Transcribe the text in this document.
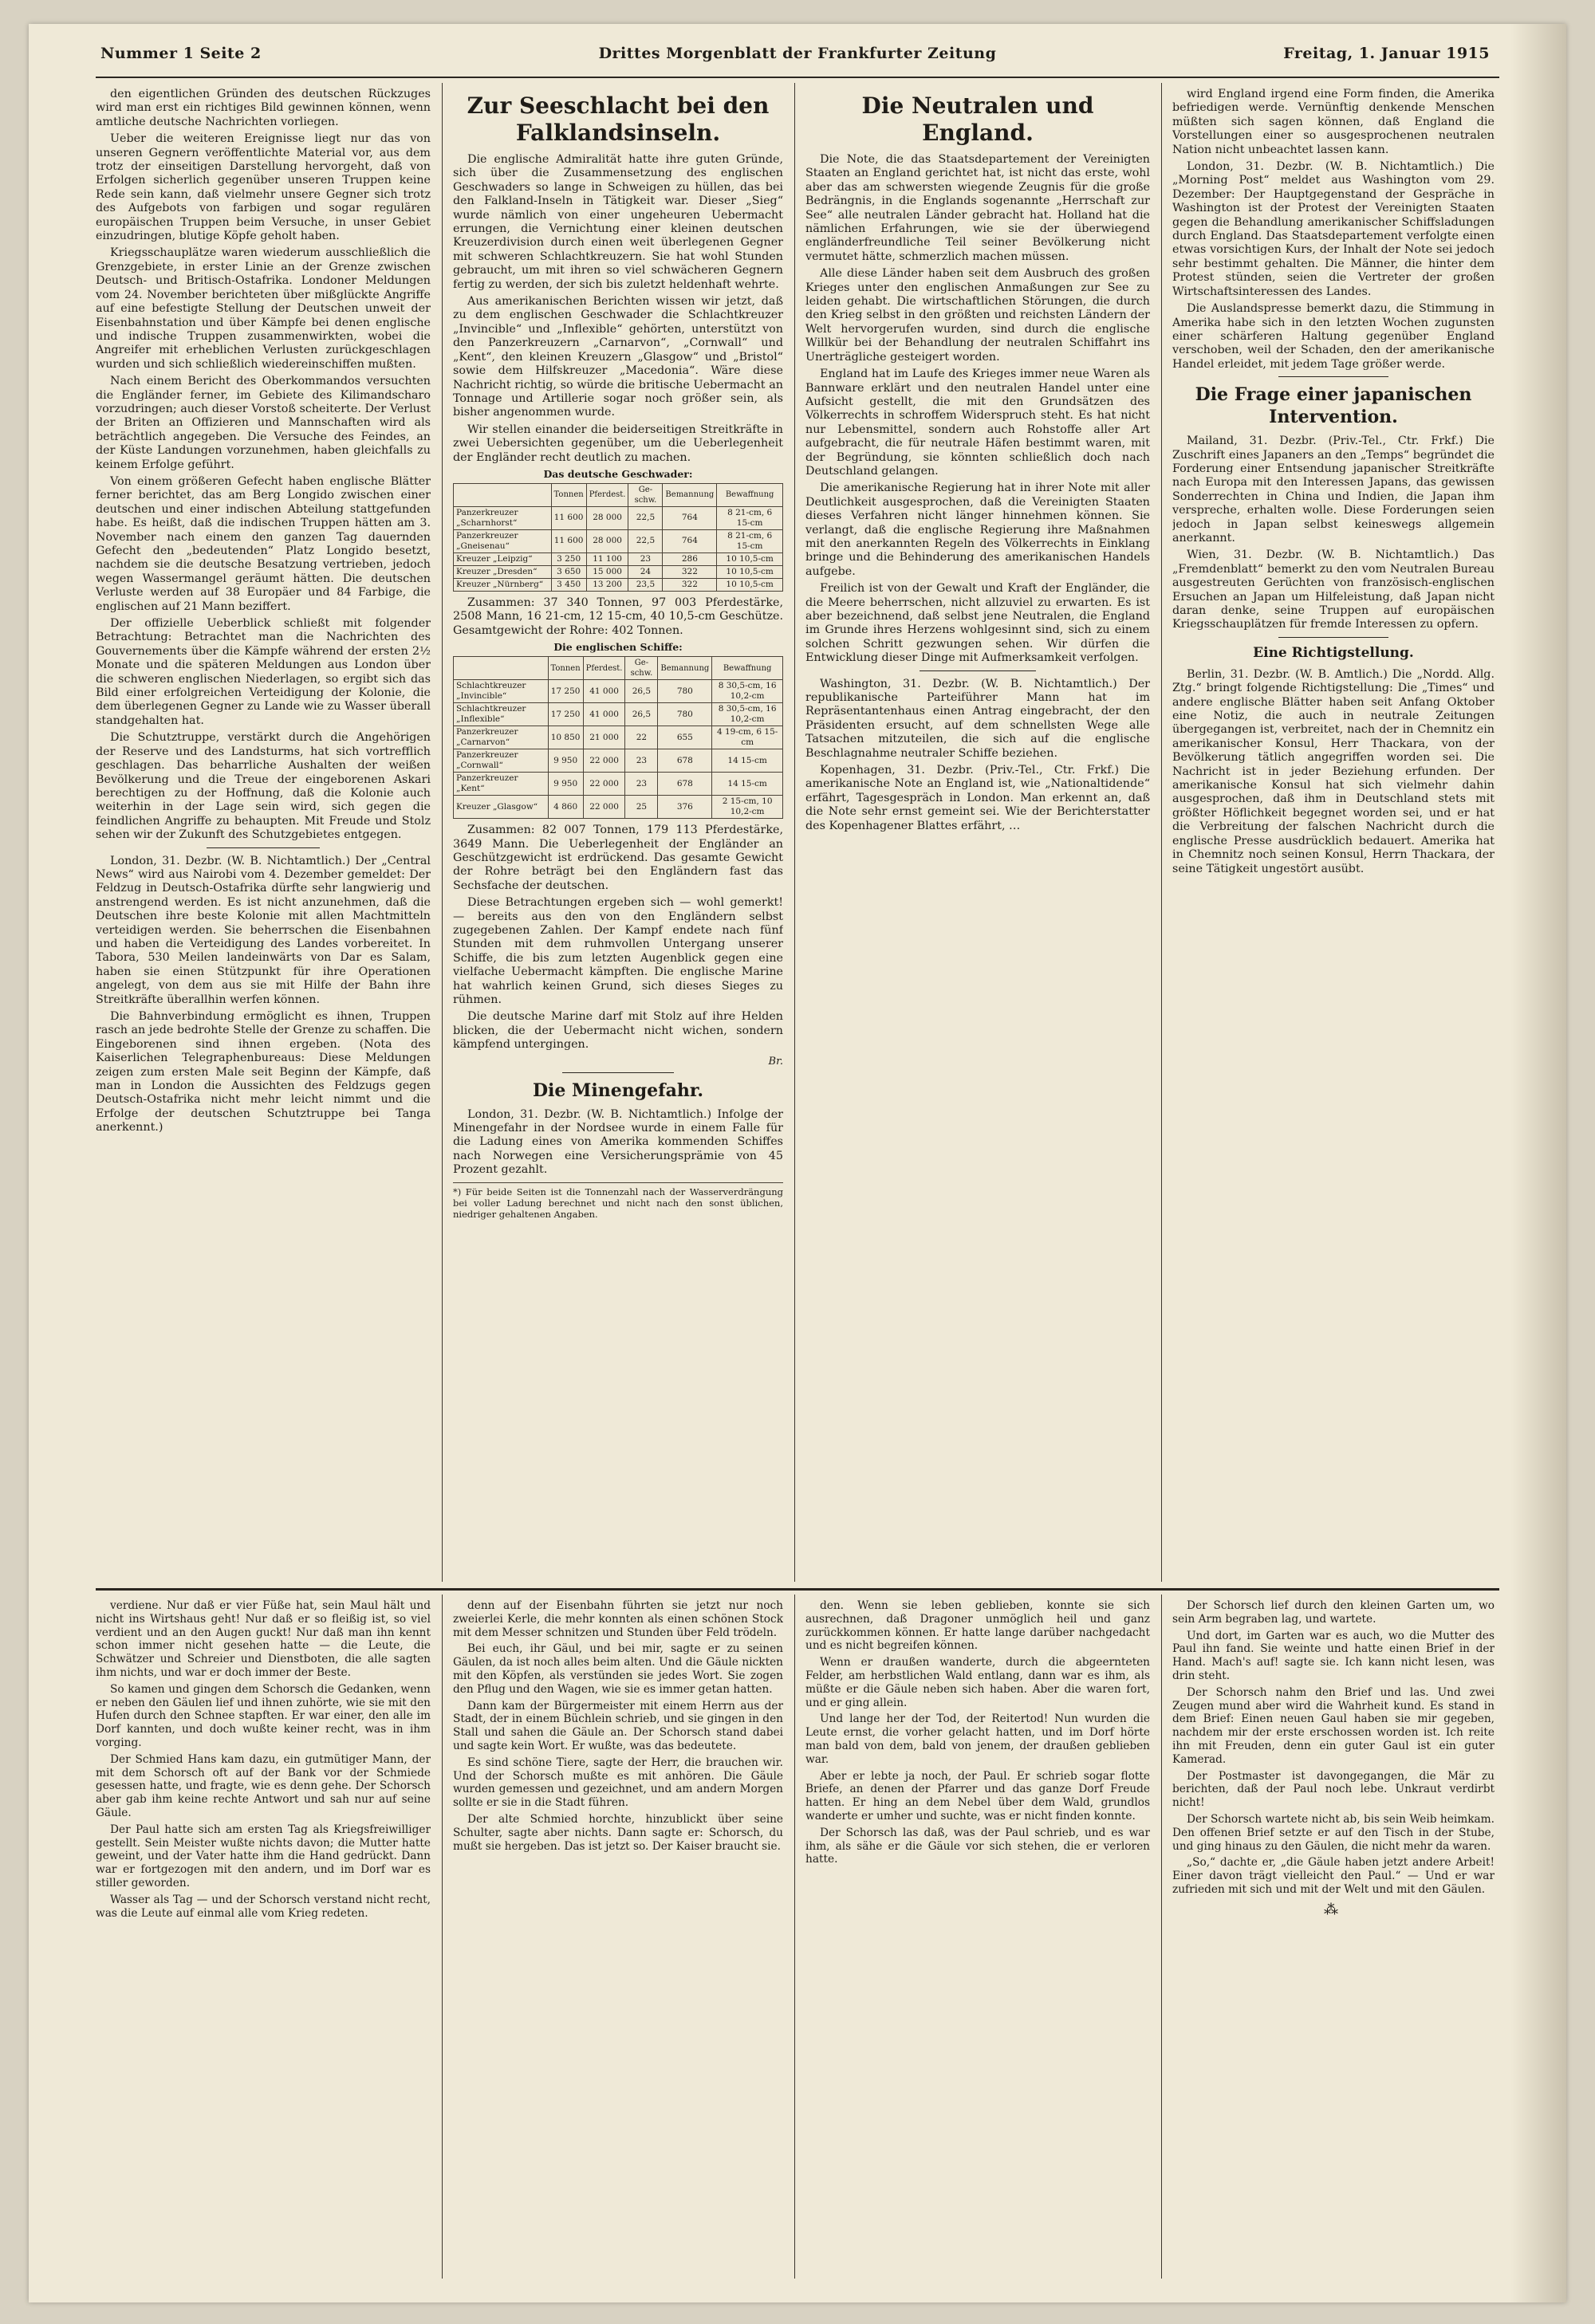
Nummer 1 Seite 2	Drittes Morgenblatt der Frankfurter Zeitung	Freitag, 1. Januar 1915

den eigentlichen Gründen des deutschen Rückzuges wird man erst ein richtiges Bild gewinnen können, wenn amtliche deutsche Nachrichten vorliegen.

Ueber die weiteren Ereignisse liegt nur das von unseren Gegnern veröffentlichte Material vor, aus dem trotz der einseitigen Darstellung hervorgeht, daß von Erfolgen sicherlich gegenüber unseren Truppen keine Rede sein kann, daß vielmehr unsere Gegner sich trotz des Aufgebots von farbigen und sogar regulären europäischen Truppen beim Versuche, in unser Gebiet einzudringen, blutige Köpfe geholt haben.

Kriegsschauplätze waren wiederum ausschließlich die Grenzgebiete, in erster Linie an der Grenze zwischen Deutsch- und Britisch-Ostafrika. Londoner Meldungen vom 24. November berichteten über mißglückte Angriffe auf eine befestigte Stellung der Deutschen unweit der Eisenbahnstation und über Kämpfe bei denen englische und indische Truppen zusammenwirkten, wobei die Angreifer mit erheblichen Verlusten zurückgeschlagen wurden und sich schließlich wiedereinschiffen mußten.

Nach einem Bericht des Oberkommandos versuchten die Engländer ferner, im Gebiete des Kilimandscharo vorzudringen; auch dieser Vorstoß scheiterte. Der Verlust der Briten an Offizieren und Mannschaften wird als beträchtlich angegeben. Die Versuche des Feindes, an der Küste Landungen vorzunehmen, haben gleichfalls zu keinem Erfolge geführt.

Von einem größeren Gefecht haben englische Blätter ferner berichtet, das am Berg Longido zwischen einer deutschen und einer indischen Abteilung stattgefunden habe. Es heißt, daß die indischen Truppen hätten am 3. November nach einem den ganzen Tag dauernden Gefecht den „bedeutenden“ Platz Longido besetzt, nachdem sie die deutsche Besatzung vertrieben, jedoch wegen Wassermangel geräumt hätten. Die deutschen Verluste werden auf 38 Europäer und 84 Farbige, die englischen auf 21 Mann beziffert.

Der offizielle Ueberblick schließt mit folgender Betrachtung: Betrachtet man die Nachrichten des Gouvernements über die Kämpfe während der ersten 2½ Monate und die späteren Meldungen aus London über die schweren englischen Niederlagen, so ergibt sich das Bild einer erfolgreichen Verteidigung der Kolonie, die dem überlegenen Gegner zu Lande wie zu Wasser überall standgehalten hat.

Die Schutztruppe, verstärkt durch die Angehörigen der Reserve und des Landsturms, hat sich vortrefflich geschlagen. Das beharrliche Aushalten der weißen Bevölkerung und die Treue der eingeborenen Askari berechtigen zu der Hoffnung, daß die Kolonie auch weiterhin in der Lage sein wird, sich gegen die feindlichen Angriffe zu behaupten. Mit Freude und Stolz sehen wir der Zukunft des Schutzgebietes entgegen.

London, 31. Dezbr. (W. B. Nichtamtlich.) Der „Central News“ wird aus Nairobi vom 4. Dezember gemeldet: Der Feldzug in Deutsch-Ostafrika dürfte sehr langwierig und anstrengend werden. Es ist nicht anzunehmen, daß die Deutschen ihre beste Kolonie mit allen Machtmitteln verteidigen werden. Sie beherrschen die Eisenbahnen und haben die Verteidigung des Landes vorbereitet. In Tabora, 530 Meilen landeinwärts von Dar es Salam, haben sie einen Stützpunkt für ihre Operationen angelegt, von dem aus sie mit Hilfe der Bahn ihre Streitkräfte überallhin werfen können.

Die Bahnverbindung ermöglicht es ihnen, Truppen rasch an jede bedrohte Stelle der Grenze zu schaffen. Die Eingeborenen sind ihnen ergeben. (Nota des Kaiserlichen Telegraphenbureaus: Diese Meldungen zeigen zum ersten Male seit Beginn der Kämpfe, daß man in London die Aussichten des Feldzugs gegen Deutsch-Ostafrika nicht mehr leicht nimmt und die Erfolge der deutschen Schutztruppe bei Tanga anerkennt.)

Zur Seeschlacht bei den Falklandsinseln.

Die englische Admiralität hatte ihre guten Gründe, sich über die Zusammensetzung des englischen Geschwaders so lange in Schweigen zu hüllen, das bei den Falkland-Inseln in Tätigkeit war. Dieser „Sieg“ wurde nämlich von einer ungeheuren Uebermacht errungen, die Vernichtung einer kleinen deutschen Kreuzerdivision durch einen weit überlegenen Gegner mit schweren Schlachtkreuzern. Sie hat wohl Stunden gebraucht, um mit ihren so viel schwächeren Gegnern fertig zu werden, der sich bis zuletzt heldenhaft wehrte.

Aus amerikanischen Berichten wissen wir jetzt, daß zu dem englischen Geschwader die Schlachtkreuzer „Invincible“ und „Inflexible“ gehörten, unterstützt von den Panzerkreuzern „Carnarvon“, „Cornwall“ und „Kent“, den kleinen Kreuzern „Glasgow“ und „Bristol“ sowie dem Hilfskreuzer „Macedonia“. Wäre diese Nachricht richtig, so würde die britische Uebermacht an Tonnage und Artillerie sogar noch größer sein, als bisher angenommen wurde.

Wir stellen einander die beiderseitigen Streitkräfte in zwei Uebersichten gegenüber, um die Ueberlegenheit der Engländer recht deutlich zu machen.

Das deutsche Geschwader:
	Tonnen	Pferdest.	Ge-schw.	Bemannung	Bewaffnung
Panzerkreuzer „Scharnhorst“	11 600	28 000	22,5	764	8 21-cm, 6 15-cm
Panzerkreuzer „Gneisenau“	11 600	28 000	22,5	764	8 21-cm, 6 15-cm
Kreuzer „Leipzig“	3 250	11 100	23	286	10 10,5-cm
Kreuzer „Dresden“	3 650	15 000	24	322	10 10,5-cm
Kreuzer „Nürnberg“	3 450	13 200	23,5	322	10 10,5-cm

Zusammen: 37 340 Tonnen, 97 003 Pferdestärke, 2508 Mann, 16 21-cm, 12 15-cm, 40 10,5-cm Geschütze. Gesamtgewicht der Rohre: 402 Tonnen.

Die englischen Schiffe:
	Tonnen	Pferdest.	Ge-schw.	Bemannung	Bewaffnung
Schlachtkreuzer „Invincible“	17 250	41 000	26,5	780	8 30,5-cm, 16 10,2-cm
Schlachtkreuzer „Inflexible“	17 250	41 000	26,5	780	8 30,5-cm, 16 10,2-cm
Panzerkreuzer „Carnarvon“	10 850	21 000	22	655	4 19-cm, 6 15-cm
Panzerkreuzer „Cornwall“	9 950	22 000	23	678	14 15-cm
Panzerkreuzer „Kent“	9 950	22 000	23	678	14 15-cm
Kreuzer „Glasgow“	4 860	22 000	25	376	2 15-cm, 10 10,2-cm

Zusammen: 82 007 Tonnen, 179 113 Pferdestärke, 3649 Mann. Die Ueberlegenheit der Engländer an Geschützgewicht ist erdrückend. Das gesamte Gewicht der Rohre beträgt bei den Engländern fast das Sechsfache der deutschen.

Diese Betrachtungen ergeben sich — wohl gemerkt! — bereits aus den von den Engländern selbst zugegebenen Zahlen. Der Kampf endete nach fünf Stunden mit dem ruhmvollen Untergang unserer Schiffe, die bis zum letzten Augenblick gegen eine vielfache Uebermacht kämpften. Die englische Marine hat wahrlich keinen Grund, sich dieses Sieges zu rühmen.

Die deutsche Marine darf mit Stolz auf ihre Helden blicken, die der Uebermacht nicht wichen, sondern kämpfend untergingen.

Br.
Die Minengefahr.

London, 31. Dezbr. (W. B. Nichtamtlich.) Infolge der Minengefahr in der Nordsee wurde in einem Falle für die Ladung eines von Amerika kommenden Schiffes nach Norwegen eine Versicherungsprämie von 45 Prozent gezahlt.

*) Für beide Seiten ist die Tonnenzahl nach der Wasserverdrängung bei voller Ladung berechnet und nicht nach den sonst üblichen, niedriger gehaltenen Angaben.
Die Neutralen und England.

Die Note, die das Staatsdepartement der Vereinigten Staaten an England gerichtet hat, ist nicht das erste, wohl aber das am schwersten wiegende Zeugnis für die große Bedrängnis, in die Englands sogenannte „Herrschaft zur See“ alle neutralen Länder gebracht hat. Holland hat die nämlichen Erfahrungen, wie sie der überwiegend engländerfreundliche Teil seiner Bevölkerung nicht vermutet hätte, schmerzlich machen müssen.

Alle diese Länder haben seit dem Ausbruch des großen Krieges unter den englischen Anmaßungen zur See zu leiden gehabt. Die wirtschaftlichen Störungen, die durch den Krieg selbst in den größten und reichsten Ländern der Welt hervorgerufen wurden, sind durch die englische Willkür bei der Behandlung der neutralen Schiffahrt ins Unerträgliche gesteigert worden.

England hat im Laufe des Krieges immer neue Waren als Bannware erklärt und den neutralen Handel unter eine Aufsicht gestellt, die mit den Grundsätzen des Völkerrechts in schroffem Widerspruch steht. Es hat nicht nur Lebensmittel, sondern auch Rohstoffe aller Art aufgebracht, die für neutrale Häfen bestimmt waren, mit der Begründung, sie könnten schließlich doch nach Deutschland gelangen.

Die amerikanische Regierung hat in ihrer Note mit aller Deutlichkeit ausgesprochen, daß die Vereinigten Staaten dieses Verfahren nicht länger hinnehmen können. Sie verlangt, daß die englische Regierung ihre Maßnahmen mit den anerkannten Regeln des Völkerrechts in Einklang bringe und die Behinderung des amerikanischen Handels aufgebe.

Freilich ist von der Gewalt und Kraft der Engländer, die die Meere beherrschen, nicht allzuviel zu erwarten. Es ist aber bezeichnend, daß selbst jene Neutralen, die England im Grunde ihres Herzens wohlgesinnt sind, sich zu einem solchen Schritt gezwungen sehen. Wir dürfen die Entwicklung dieser Dinge mit Aufmerksamkeit verfolgen.

Washington, 31. Dezbr. (W. B. Nichtamtlich.) Der republikanische Parteiführer Mann hat im Repräsentantenhaus einen Antrag eingebracht, der den Präsidenten ersucht, auf dem schnellsten Wege alle Tatsachen mitzuteilen, die sich auf die englische Beschlagnahme neutraler Schiffe beziehen.

Kopenhagen, 31. Dezbr. (Priv.-Tel., Ctr. Frkf.) Die amerikanische Note an England ist, wie „Nationaltidende“ erfährt, Tagesgespräch in London. Man erkennt an, daß die Note sehr ernst gemeint sei. Wie der Berichterstatter des Kopenhagener Blattes erfährt, …

wird England irgend eine Form finden, die Amerika befriedigen werde. Vernünftig denkende Menschen müßten sich sagen können, daß England die Vorstellungen einer so ausgesprochenen neutralen Nation nicht unbeachtet lassen kann.

London, 31. Dezbr. (W. B. Nichtamtlich.) Die „Morning Post“ meldet aus Washington vom 29. Dezember: Der Hauptgegenstand der Gespräche in Washington ist der Protest der Vereinigten Staaten gegen die Behandlung amerikanischer Schiffsladungen durch England. Das Staatsdepartement verfolgte einen etwas vorsichtigen Kurs, der Inhalt der Note sei jedoch sehr bestimmt gehalten. Die Männer, die hinter dem Protest stünden, seien die Vertreter der großen Wirtschaftsinteressen des Landes.

Die Auslandspresse bemerkt dazu, die Stimmung in Amerika habe sich in den letzten Wochen zugunsten einer schärferen Haltung gegenüber England verschoben, weil der Schaden, den der amerikanische Handel erleidet, mit jedem Tage größer werde.

Die Frage einer japanischen Intervention.

Mailand, 31. Dezbr. (Priv.-Tel., Ctr. Frkf.) Die Zuschrift eines Japaners an den „Temps“ begründet die Forderung einer Entsendung japanischer Streitkräfte nach Europa mit den Interessen Japans, das gewissen Sonderrechten in China und Indien, die Japan ihm verspreche, erhalten wolle. Diese Forderungen seien jedoch in Japan selbst keineswegs allgemein anerkannt.

Wien, 31. Dezbr. (W. B. Nichtamtlich.) Das „Fremdenblatt“ bemerkt zu den vom Neutralen Bureau ausgestreuten Gerüchten von französisch-englischen Ersuchen an Japan um Hilfeleistung, daß Japan nicht daran denke, seine Truppen auf europäischen Kriegsschauplätzen für fremde Interessen zu opfern.

Eine Richtigstellung.

Berlin, 31. Dezbr. (W. B. Amtlich.) Die „Nordd. Allg. Ztg.“ bringt folgende Richtigstellung: Die „Times“ und andere englische Blätter haben seit Anfang Oktober eine Notiz, die auch in neutrale Zeitungen übergegangen ist, verbreitet, nach der in Chemnitz ein amerikanischer Konsul, Herr Thackara, von der Bevölkerung tätlich angegriffen worden sei. Die Nachricht ist in jeder Beziehung erfunden. Der amerikanische Konsul hat sich vielmehr dahin ausgesprochen, daß ihm in Deutschland stets mit größter Höflichkeit begegnet worden sei, und er hat die Verbreitung der falschen Nachricht durch die englische Presse ausdrücklich bedauert. Amerika hat in Chemnitz noch seinen Konsul, Herrn Thackara, der seine Tätigkeit ungestört ausübt.

verdiene. Nur daß er vier Füße hat, sein Maul hält und nicht ins Wirtshaus geht! Nur daß er so fleißig ist, so viel verdient und an den Augen guckt! Nur daß man ihn kennt schon immer nicht gesehen hatte — die Leute, die Schwätzer und Schreier und Dienstboten, die alle sagten ihm nichts, und war er doch immer der Beste.

So kamen und gingen dem Schorsch die Gedanken, wenn er neben den Gäulen lief und ihnen zuhörte, wie sie mit den Hufen durch den Schnee stapften. Er war einer, den alle im Dorf kannten, und doch wußte keiner recht, was in ihm vorging.

Der Schmied Hans kam dazu, ein gutmütiger Mann, der mit dem Schorsch oft auf der Bank vor der Schmiede gesessen hatte, und fragte, wie es denn gehe. Der Schorsch aber gab ihm keine rechte Antwort und sah nur auf seine Gäule.

Der Paul hatte sich am ersten Tag als Kriegsfreiwilliger gestellt. Sein Meister wußte nichts davon; die Mutter hatte geweint, und der Vater hatte ihm die Hand gedrückt. Dann war er fortgezogen mit den andern, und im Dorf war es stiller geworden.

Wasser als Tag — und der Schorsch verstand nicht recht, was die Leute auf einmal alle vom Krieg redeten.

denn auf der Eisenbahn führten sie jetzt nur noch zweierlei Kerle, die mehr konnten als einen schönen Stock mit dem Messer schnitzen und Stunden über Feld trödeln.

Bei euch, ihr Gäul, und bei mir, sagte er zu seinen Gäulen, da ist noch alles beim alten. Und die Gäule nickten mit den Köpfen, als verstünden sie jedes Wort. Sie zogen den Pflug und den Wagen, wie sie es immer getan hatten.

Dann kam der Bürgermeister mit einem Herrn aus der Stadt, der in einem Büchlein schrieb, und sie gingen in den Stall und sahen die Gäule an. Der Schorsch stand dabei und sagte kein Wort. Er wußte, was das bedeutete.

Es sind schöne Tiere, sagte der Herr, die brauchen wir. Und der Schorsch mußte es mit anhören. Die Gäule wurden gemessen und gezeichnet, und am andern Morgen sollte er sie in die Stadt führen.

Der alte Schmied horchte, hinzublickt über seine Schulter, sagte aber nichts. Dann sagte er: Schorsch, du mußt sie hergeben. Das ist jetzt so. Der Kaiser braucht sie.

den. Wenn sie leben geblieben, konnte sie sich ausrechnen, daß Dragoner unmöglich heil und ganz zurückkommen können. Er hatte lange darüber nachgedacht und es nicht begreifen können.

Wenn er draußen wanderte, durch die abgeernteten Felder, am herbstlichen Wald entlang, dann war es ihm, als müßte er die Gäule neben sich haben. Aber die waren fort, und er ging allein.

Und lange her der Tod, der Reitertod! Nun wurden die Leute ernst, die vorher gelacht hatten, und im Dorf hörte man bald von dem, bald von jenem, der draußen geblieben war.

Aber er lebte ja noch, der Paul. Er schrieb sogar flotte Briefe, an denen der Pfarrer und das ganze Dorf Freude hatten. Er hing an dem Nebel über dem Wald, grundlos wanderte er umher und suchte, was er nicht finden konnte.

Der Schorsch las daß, was der Paul schrieb, und es war ihm, als sähe er die Gäule vor sich stehen, die er verloren hatte.

Der Schorsch lief durch den kleinen Garten um, wo sein Arm begraben lag, und wartete.

Und dort, im Garten war es auch, wo die Mutter des Paul ihn fand. Sie weinte und hatte einen Brief in der Hand. Mach's auf! sagte sie. Ich kann nicht lesen, was drin steht.

Der Schorsch nahm den Brief und las. Und zwei Zeugen mund aber wird die Wahrheit kund. Es stand in dem Brief: Einen neuen Gaul haben sie mir gegeben, nachdem mir der erste erschossen worden ist. Ich reite ihn mit Freuden, denn ein guter Gaul ist ein guter Kamerad.

Der Postmaster ist davongegangen, die Mär zu berichten, daß der Paul noch lebe. Unkraut verdirbt nicht!

Der Schorsch wartete nicht ab, bis sein Weib heimkam. Den offenen Brief setzte er auf den Tisch in der Stube, und ging hinaus zu den Gäulen, die nicht mehr da waren.

„So,“ dachte er, „die Gäule haben jetzt andere Arbeit! Einer davon trägt vielleicht den Paul.“ — Und er war zufrieden mit sich und mit der Welt und mit den Gäulen.

⁂
